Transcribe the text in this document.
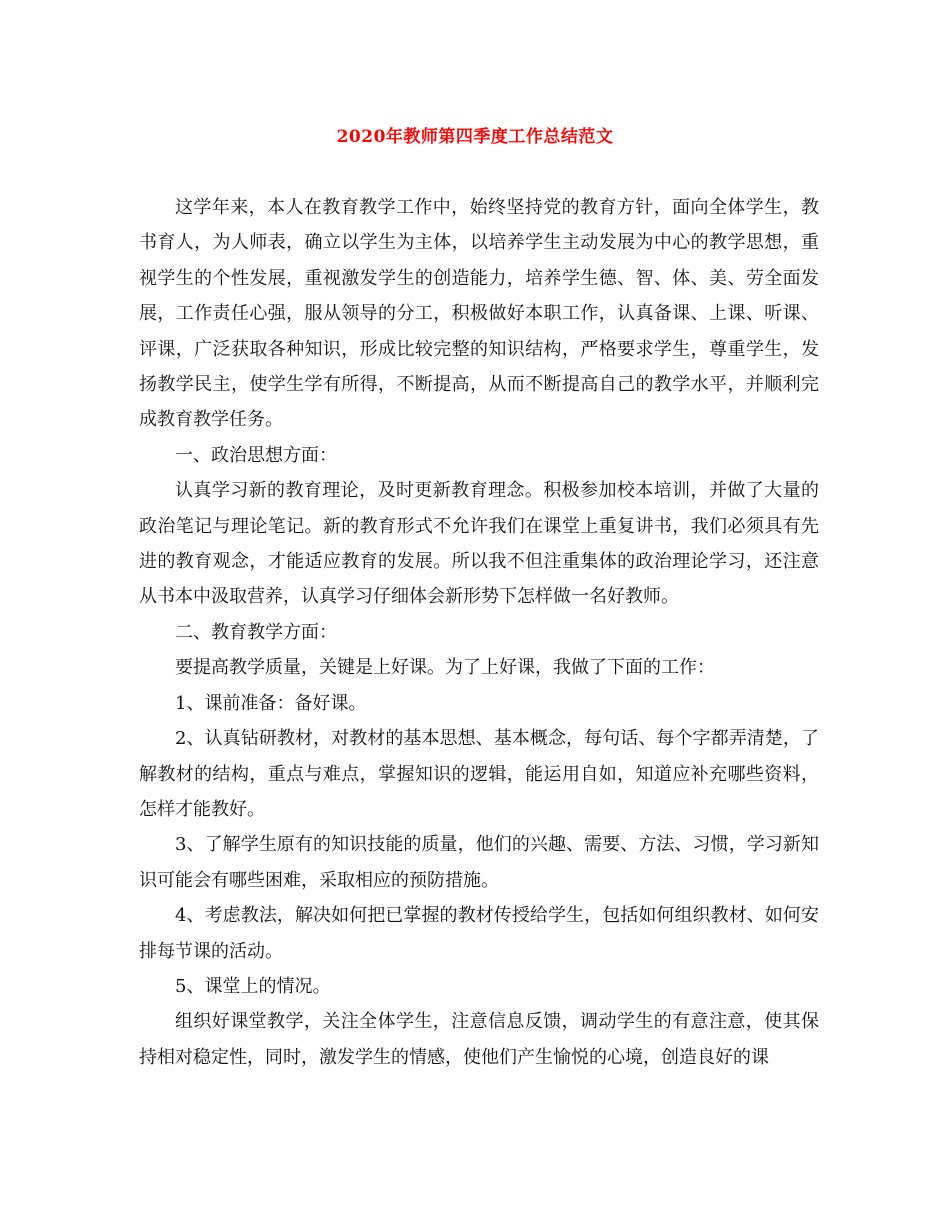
2020年教师第四季度工作总结范文

这学年来，本人在教育教学工作中，始终坚持党的教育方针，面向全体学生，教书育人，为人师表，确立以学生为主体，以培养学生主动发展为中心的教学思想，重视学生的个性发展，重视激发学生的创造能力，培养学生德、智、体、美、劳全面发展，工作责任心强，服从领导的分工，积极做好本职工作，认真备课、上课、听课、评课，广泛获取各种知识，形成比较完整的知识结构，严格要求学生，尊重学生，发扬教学民主，使学生学有所得，不断提高，从而不断提高自己的教学水平，并顺利完成教育教学任务。

一、政治思想方面：

认真学习新的教育理论，及时更新教育理念。积极参加校本培训，并做了大量的政治笔记与理论笔记。新的教育形式不允许我们在课堂上重复讲书，我们必须具有先进的教育观念，才能适应教育的发展。所以我不但注重集体的政治理论学习，还注意从书本中汲取营养，认真学习仔细体会新形势下怎样做一名好教师。

二、教育教学方面：

要提高教学质量，关键是上好课。为了上好课，我做了下面的工作：

1、课前准备：备好课。

2、认真钻研教材，对教材的基本思想、基本概念，每句话、每个字都弄清楚，了解教材的结构，重点与难点，掌握知识的逻辑，能运用自如，知道应补充哪些资料，怎样才能教好。

3、了解学生原有的知识技能的质量，他们的兴趣、需要、方法、习惯，学习新知识可能会有哪些困难，采取相应的预防措施。

4、考虑教法，解决如何把已掌握的教材传授给学生，包括如何组织教材、如何安排每节课的活动。

5、课堂上的情况。

组织好课堂教学，关注全体学生，注意信息反馈，调动学生的有意注意，使其保持相对稳定性，同时，激发学生的情感，使他们产生愉悦的心境，创造良好的课
